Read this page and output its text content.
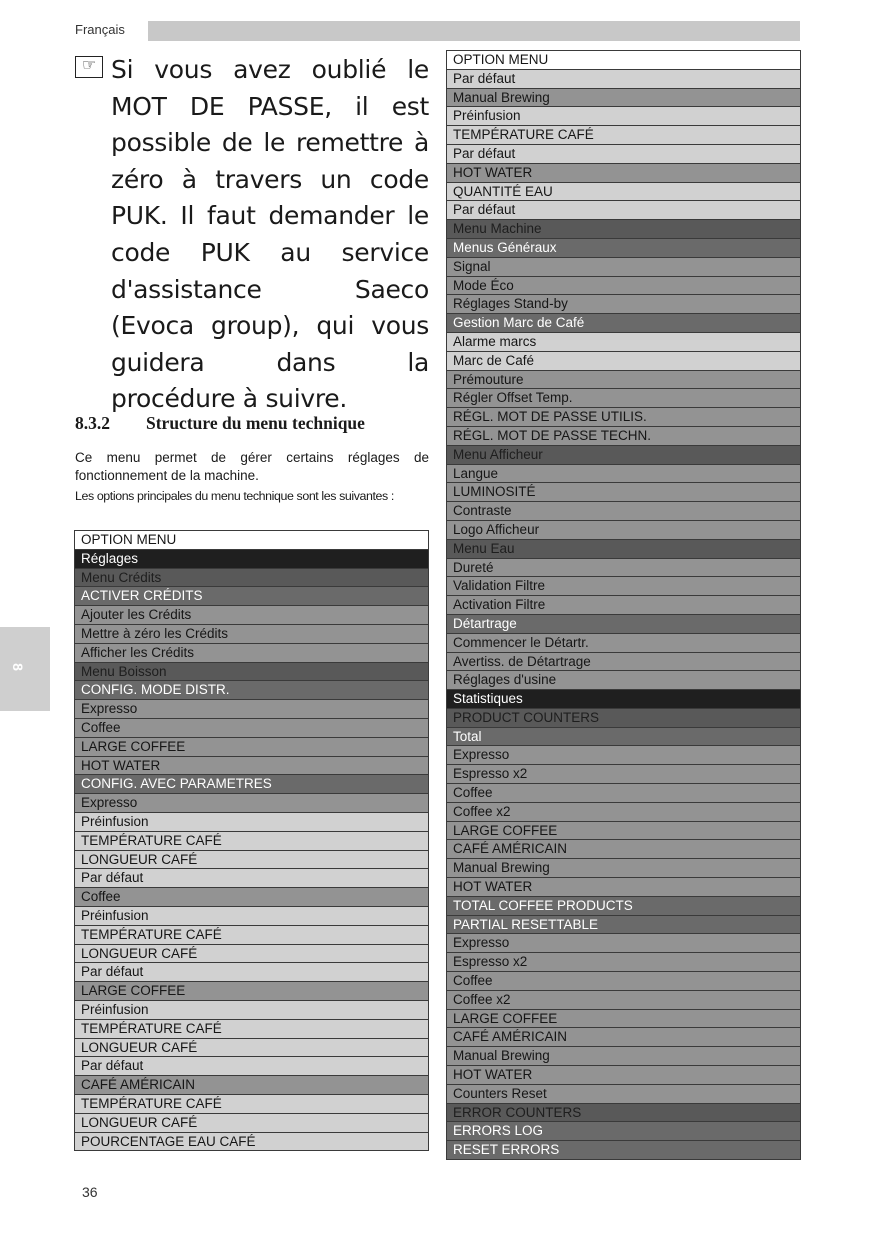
Français
☞ Si vous avez oublié le MOT DE PASSE, il est possible de le remettre à zéro à travers un code PUK. Il faut demander le code PUK au service d'assistance Saeco (Evoca group), qui vous guidera dans la procédure à suivre.
8.3.2 Structure du menu technique
Ce menu permet de gérer certains réglages de fonctionnement de la machine.
Les options principales du menu technique sont les suivantes :
OPTION MENU
Réglages
Menu Crédits
ACTIVER CRÉDITS
Ajouter les Crédits
Mettre à zéro les Crédits
Afficher les Crédits
Menu Boisson
CONFIG. MODE DISTR.
Expresso
Coffee
LARGE COFFEE
HOT WATER
CONFIG. AVEC PARAMETRES
Expresso
Préinfusion
TEMPÉRATURE CAFÉ
LONGUEUR CAFÉ
Par défaut
Coffee
Préinfusion
TEMPÉRATURE CAFÉ
LONGUEUR CAFÉ
Par défaut
LARGE COFFEE
Préinfusion
TEMPÉRATURE CAFÉ
LONGUEUR CAFÉ
Par défaut
CAFÉ AMÉRICAIN
TEMPÉRATURE CAFÉ
LONGUEUR CAFÉ
POURCENTAGE EAU CAFÉ
OPTION MENU
Par défaut
Manual Brewing
Préinfusion
TEMPÉRATURE CAFÉ
Par défaut
HOT WATER
QUANTITÉ EAU
Par défaut
Menu Machine
Menus Généraux
Signal
Mode Éco
Réglages Stand-by
Gestion Marc de Café
Alarme marcs
Marc de Café
Prémouture
Régler Offset Temp.
RÉGL. MOT DE PASSE UTILIS.
RÉGL. MOT DE PASSE TECHN.
Menu Afficheur
Langue
LUMINOSITÉ
Contraste
Logo Afficheur
Menu Eau
Dureté
Validation Filtre
Activation Filtre
Détartrage
Commencer le Détartr.
Avertiss. de Détartrage
Réglages d'usine
Statistiques
PRODUCT COUNTERS
Total
Expresso
Espresso x2
Coffee
Coffee x2
LARGE COFFEE
CAFÉ AMÉRICAIN
Manual Brewing
HOT WATER
TOTAL COFFEE PRODUCTS
PARTIAL RESETTABLE
Expresso
Espresso x2
Coffee
Coffee x2
LARGE COFFEE
CAFÉ AMÉRICAIN
Manual Brewing
HOT WATER
Counters Reset
ERROR COUNTERS
ERRORS LOG
RESET ERRORS
8
36
